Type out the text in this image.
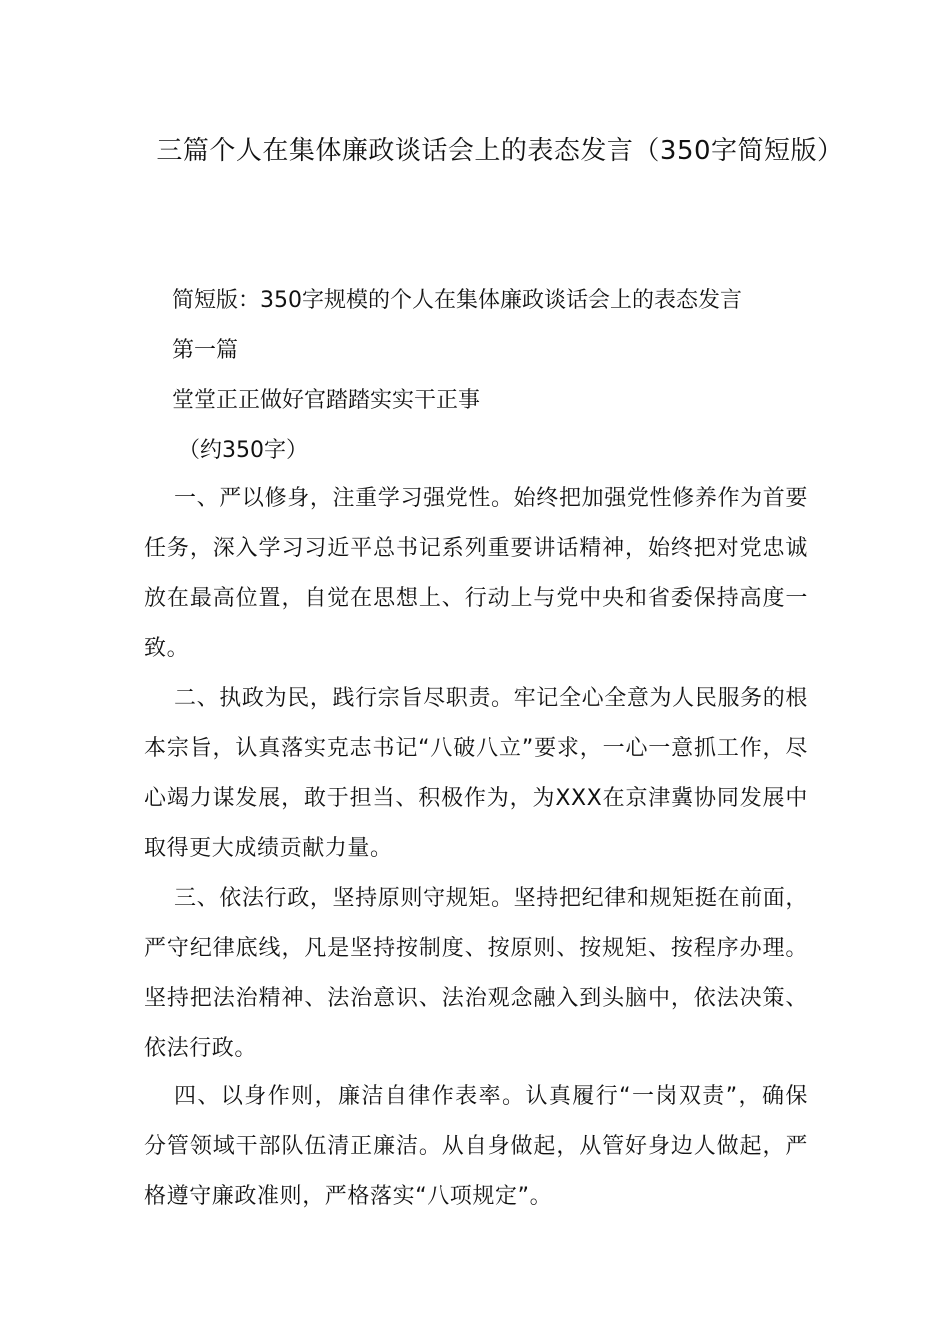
三篇个人在集体廉政谈话会上的表态发言（350字简短版）
简短版：350字规模的个人在集体廉政谈话会上的表态发言
第一篇
堂堂正正做好官踏踏实实干正事
（约350字）

一、严以修身，注重学习强党性。始终把加强党性修养作为首要任务，深入学习习近平总书记系列重要讲话精神，始终把对党忠诚放在最高位置，自觉在思想上、行动上与党中央和省委保持高度一致。

二、执政为民，践行宗旨尽职责。牢记全心全意为人民服务的根本宗旨，认真落实克志书记“八破八立”要求，一心一意抓工作，尽心竭力谋发展，敢于担当、积极作为，为XXX在京津冀协同发展中取得更大成绩贡献力量。

三、依法行政，坚持原则守规矩。坚持把纪律和规矩挺在前面，严守纪律底线，凡是坚持按制度、按原则、按规矩、按程序办理。坚持把法治精神、法治意识、法治观念融入到头脑中，依法决策、依法行政。

四、以身作则，廉洁自律作表率。认真履行“一岗双责”，确保分管领域干部队伍清正廉洁。从自身做起，从管好身边人做起，严格遵守廉政准则，严格落实“八项规定”。
